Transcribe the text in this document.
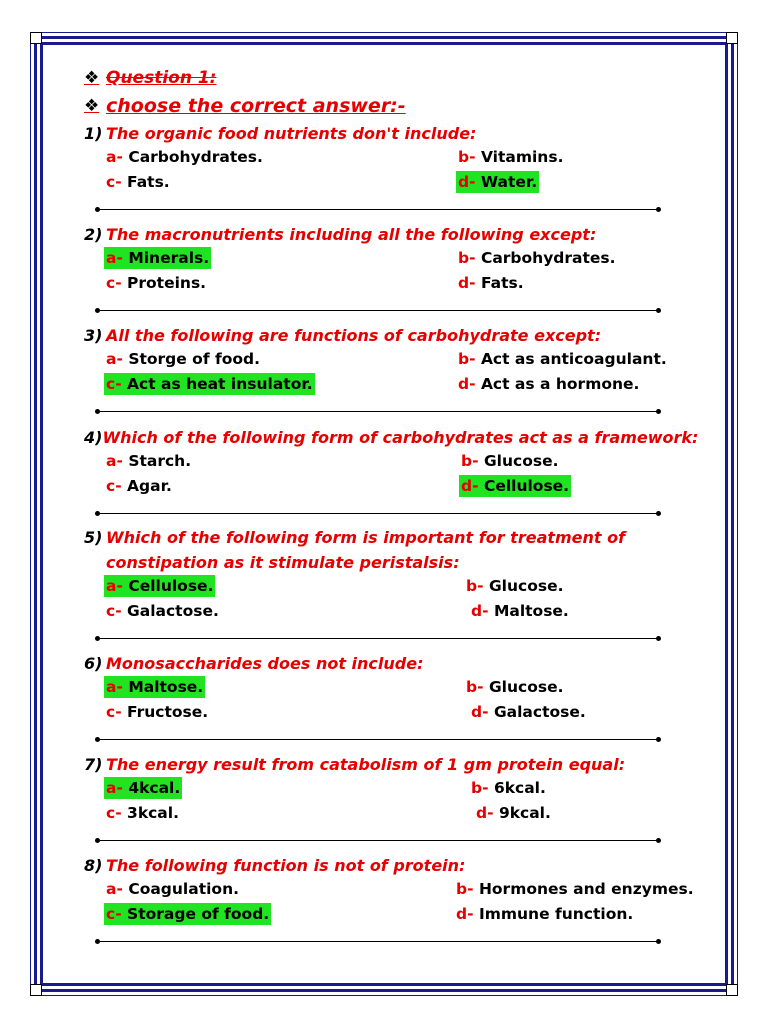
❖ Question 1:
❖ choose the correct answer:-
1) The organic food nutrients don't include:
a- Carbohydrates.	b- Vitamins.
c- Fats.	d- Water.
2) The macronutrients including all the following except:
a- Minerals.	b- Carbohydrates.
c- Proteins.	d- Fats.
3) All the following are functions of carbohydrate except:
a- Storge of food.	b- Act as anticoagulant.
c- Act as heat insulator.	d- Act as a hormone.
4) Which of the following form of carbohydrates act as a framework:
a- Starch.	b- Glucose.
c- Agar.	d- Cellulose.
5) Which of the following form is important for treatment of
constipation as it stimulate peristalsis:
a- Cellulose.	b- Glucose.
c- Galactose.	d- Maltose.
6) Monosaccharides does not include:
a- Maltose.	b- Glucose.
c- Fructose.	d- Galactose.
7) The energy result from catabolism of 1 gm protein equal:
a- 4kcal.	b- 6kcal.
c- 3kcal.	d- 9kcal.
8) The following function is not of protein:
a- Coagulation.	b- Hormones and enzymes.
c- Storage of food.	d- Immune function.
